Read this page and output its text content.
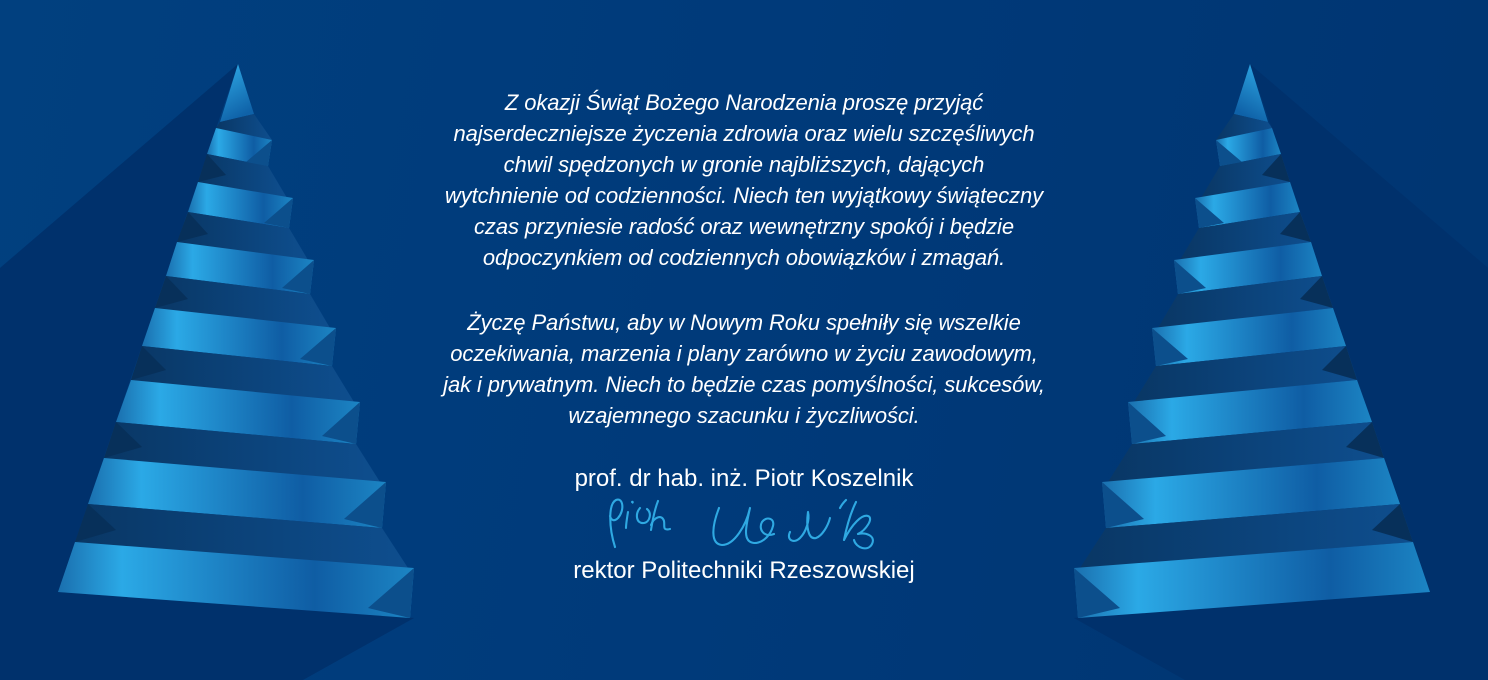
Z okazji Świąt Bożego Narodzenia proszę przyjąć
najserdeczniejsze życzenia zdrowia oraz wielu szczęśliwych
chwil spędzonych w gronie najbliższych, dających
wytchnienie od codzienności. Niech ten wyjątkowy świąteczny
czas przyniesie radość oraz wewnętrzny spokój i będzie
odpoczynkiem od codziennych obowiązków i zmagań.
Życzę Państwu, aby w Nowym Roku spełniły się wszelkie
oczekiwania, marzenia i plany zarówno w życiu zawodowym,
jak i prywatnym. Niech to będzie czas pomyślności, sukcesów,
wzajemnego szacunku i życzliwości.
prof. dr hab. inż. Piotr Koszelnik
rektor Politechniki Rzeszowskiej
